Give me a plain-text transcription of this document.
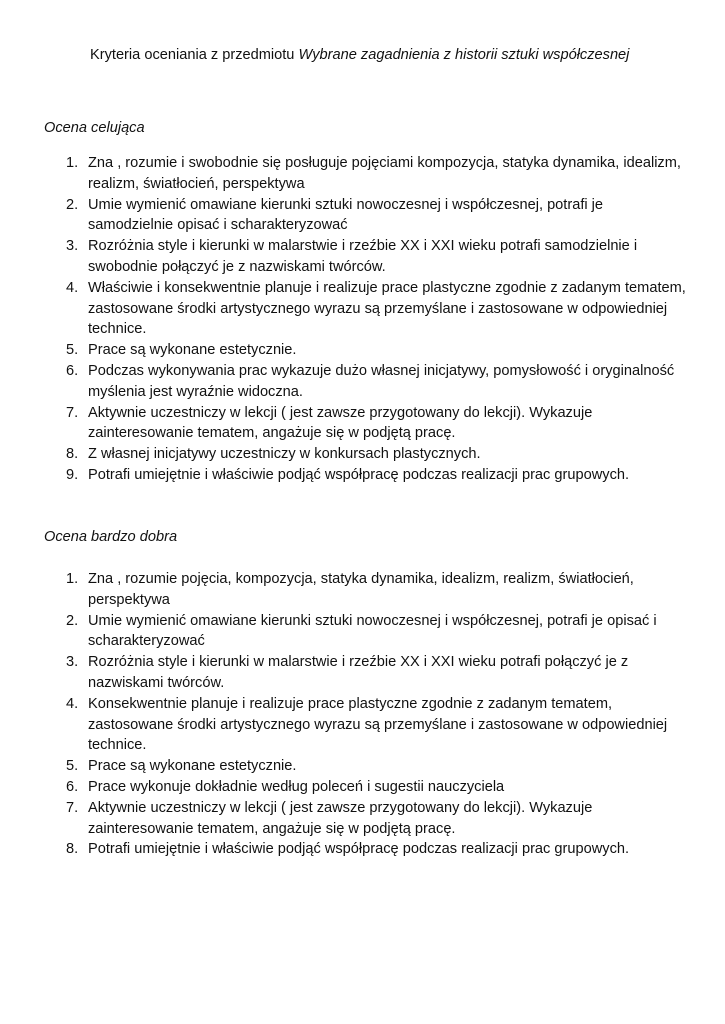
Kryteria oceniania z przedmiotu Wybrane zagadnienia z historii sztuki współczesnej

Ocena celująca
1. Zna , rozumie i swobodnie się posługuje pojęciami kompozycja, statyka dynamika, idealizm, realizm, światłocień, perspektywa
2. Umie wymienić omawiane kierunki sztuki nowoczesnej i współczesnej, potrafi je samodzielnie opisać i scharakteryzować
3. Rozróżnia style i kierunki w malarstwie i rzeźbie XX i XXI wieku potrafi samodzielnie i swobodnie połączyć je z nazwiskami twórców.
4. Właściwie i konsekwentnie planuje i realizuje prace plastyczne zgodnie z zadanym tematem, zastosowane środki artystycznego wyrazu są przemyślane i zastosowane w odpowiedniej technice.
5. Prace są wykonane estetycznie.
6. Podczas wykonywania prac wykazuje dużo własnej inicjatywy, pomysłowość i oryginalność myślenia jest wyraźnie widoczna.
7. Aktywnie uczestniczy w lekcji ( jest zawsze przygotowany do lekcji). Wykazuje zainteresowanie tematem, angażuje się w podjętą pracę.
8. Z własnej inicjatywy uczestniczy w konkursach plastycznych.
9. Potrafi umiejętnie i właściwie podjąć współpracę podczas realizacji prac grupowych.
Ocena bardzo dobra
1. Zna , rozumie pojęcia, kompozycja, statyka dynamika, idealizm, realizm, światłocień, perspektywa
2. Umie wymienić omawiane kierunki sztuki nowoczesnej i współczesnej, potrafi je opisać i scharakteryzować
3. Rozróżnia style i kierunki w malarstwie i rzeźbie XX i XXI wieku potrafi połączyć je z nazwiskami twórców.
4. Konsekwentnie planuje i realizuje prace plastyczne zgodnie z zadanym tematem, zastosowane środki artystycznego wyrazu są przemyślane i zastosowane w odpowiedniej technice.
5. Prace są wykonane estetycznie.
6. Prace wykonuje dokładnie według poleceń i sugestii nauczyciela
7. Aktywnie uczestniczy w lekcji ( jest zawsze przygotowany do lekcji). Wykazuje zainteresowanie tematem, angażuje się w podjętą pracę.
8. Potrafi umiejętnie i właściwie podjąć współpracę podczas realizacji prac grupowych.
